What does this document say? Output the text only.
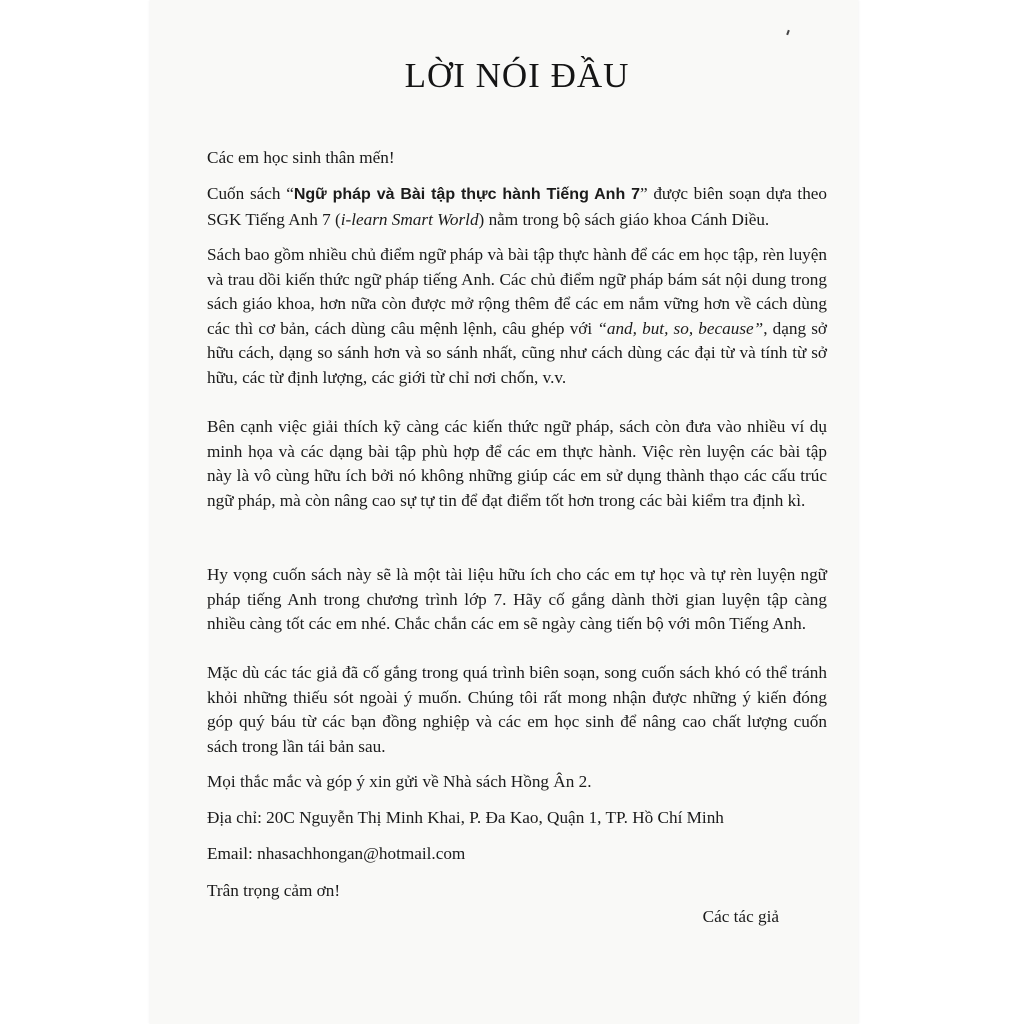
LỜI NÓI ĐẦU

Các em học sinh thân mến!

Cuốn sách “Ngữ pháp và Bài tập thực hành Tiếng Anh 7” được biên soạn dựa theo SGK Tiếng Anh 7 (i-learn Smart World) nằm trong bộ sách giáo khoa Cánh Diều.

Sách bao gồm nhiều chủ điểm ngữ pháp và bài tập thực hành để các em học tập, rèn luyện và trau dồi kiến thức ngữ pháp tiếng Anh. Các chủ điểm ngữ pháp bám sát nội dung trong sách giáo khoa, hơn nữa còn được mở rộng thêm để các em nắm vững hơn về cách dùng các thì cơ bản, cách dùng câu mệnh lệnh, câu ghép với “and, but, so, because”, dạng sở hữu cách, dạng so sánh hơn và so sánh nhất, cũng như cách dùng các đại từ và tính từ sở hữu, các từ định lượng, các giới từ chỉ nơi chốn, v.v.

Bên cạnh việc giải thích kỹ càng các kiến thức ngữ pháp, sách còn đưa vào nhiều ví dụ minh họa và các dạng bài tập phù hợp để các em thực hành. Việc rèn luyện các bài tập này là vô cùng hữu ích bởi nó không những giúp các em sử dụng thành thạo các cấu trúc ngữ pháp, mà còn nâng cao sự tự tin để đạt điểm tốt hơn trong các bài kiểm tra định kì.

Hy vọng cuốn sách này sẽ là một tài liệu hữu ích cho các em tự học và tự rèn luyện ngữ pháp tiếng Anh trong chương trình lớp 7. Hãy cố gắng dành thời gian luyện tập càng nhiều càng tốt các em nhé. Chắc chắn các em sẽ ngày càng tiến bộ với môn Tiếng Anh.

Mặc dù các tác giả đã cố gắng trong quá trình biên soạn, song cuốn sách khó có thể tránh khỏi những thiếu sót ngoài ý muốn. Chúng tôi rất mong nhận được những ý kiến đóng góp quý báu từ các bạn đồng nghiệp và các em học sinh để nâng cao chất lượng cuốn sách trong lần tái bản sau.

Mọi thắc mắc và góp ý xin gửi về Nhà sách Hồng Ân 2.

Địa chỉ: 20C Nguyễn Thị Minh Khai, P. Đa Kao, Quận 1, TP. Hồ Chí Minh

Email: nhasachhongan@hotmail.com

Trân trọng cảm ơn!

Các tác giả
